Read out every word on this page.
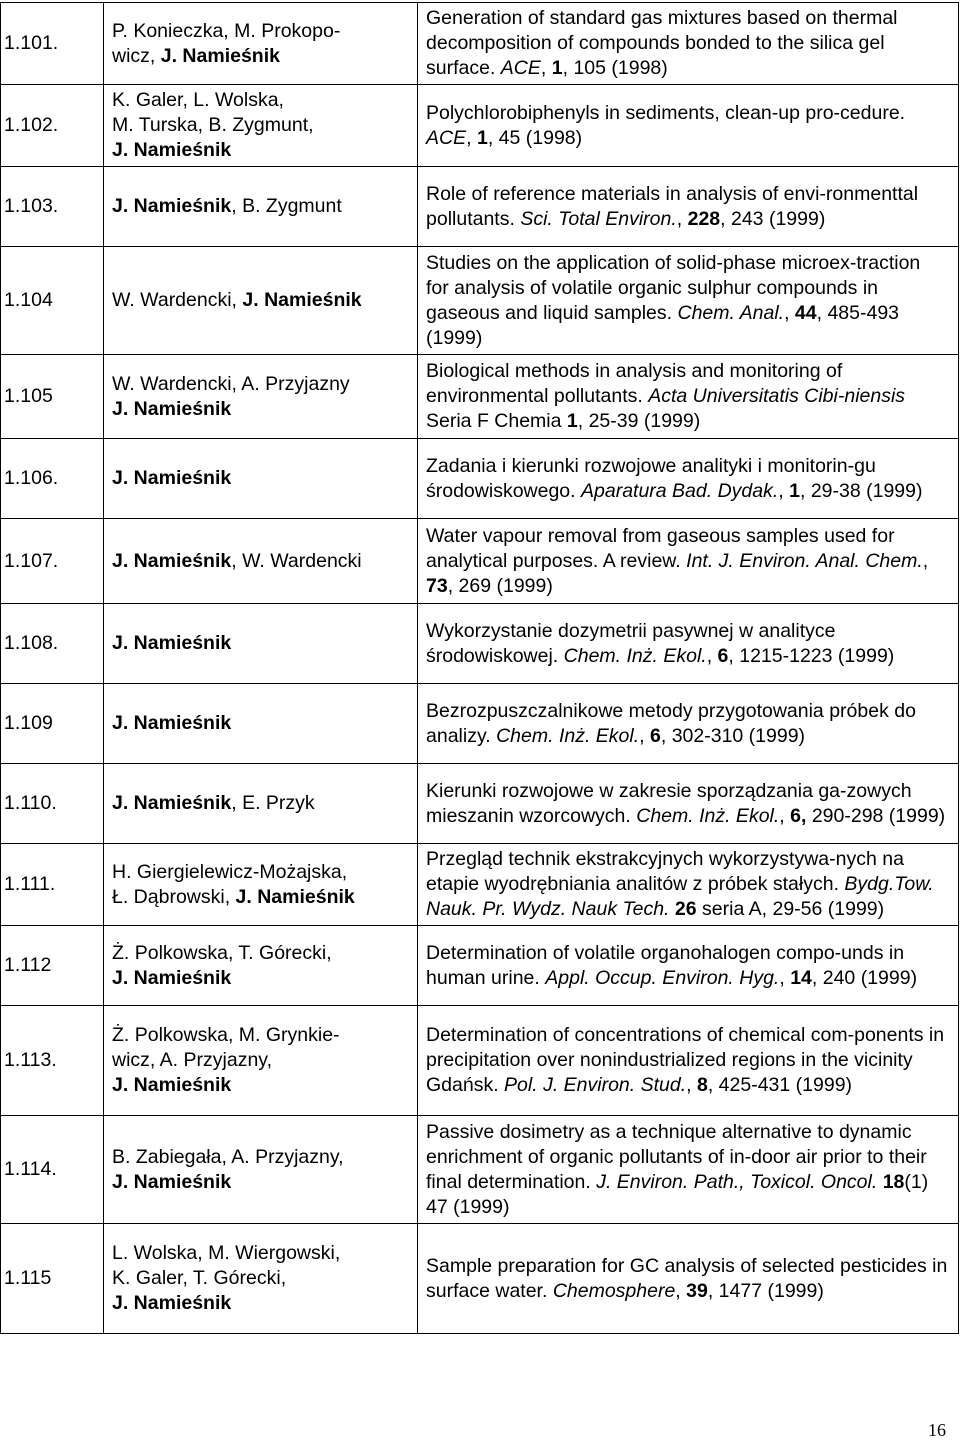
1.101.	P. Konieczka, M. Prokopo-
wicz, J. Namieśnik	Generation of standard gas mixtures based on thermal decomposition of compounds bonded to the silica gel surface. ACE, 1, 105 (1998)
1.102.	K. Galer, L. Wolska,
M. Turska, B. Zygmunt,
J. Namieśnik	Polychlorobiphenyls in sediments, clean-up pro-cedure. ACE, 1, 45 (1998)
1.103.	J. Namieśnik, B. Zygmunt	Role of reference materials in analysis of envi-ronmenttal pollutants. Sci. Total Environ., 228, 243 (1999)
1.104	W. Wardencki, J. Namieśnik	Studies on the application of solid-phase microex-traction for analysis of volatile organic sulphur compounds in gaseous and liquid samples. Chem. Anal., 44, 485-493 (1999)
1.105	W. Wardencki, A. Przyjazny
J. Namieśnik	Biological methods in analysis and monitoring of environmental pollutants. Acta Universitatis Cibi-niensis Seria F Chemia 1, 25-39 (1999)
1.106.	J. Namieśnik	Zadania i kierunki rozwojowe analityki i monitorin-gu środowiskowego. Aparatura Bad. Dydak., 1, 29-38 (1999)
1.107.	J. Namieśnik, W. Wardencki	Water vapour removal from gaseous samples used for analytical purposes. A review. Int. J. Environ. Anal. Chem., 73, 269 (1999)
1.108.	J. Namieśnik	Wykorzystanie dozymetrii pasywnej w analityce środowiskowej. Chem. Inż. Ekol., 6, 1215-1223 (1999)
1.109	J. Namieśnik	Bezrozpuszczalnikowe metody przygotowania próbek do analizy. Chem. Inż. Ekol., 6, 302-310 (1999)
1.110.	J. Namieśnik, E. Przyk	Kierunki rozwojowe w zakresie sporządzania ga-zowych mieszanin wzorcowych. Chem. Inż. Ekol., 6, 290-298 (1999)
1.111.	H. Giergielewicz-Możajska,
Ł. Dąbrowski, J. Namieśnik	Przegląd technik ekstrakcyjnych wykorzystywa-nych na etapie wyodrębniania analitów z próbek stałych. Bydg.Tow. Nauk. Pr. Wydz. Nauk Tech. 26 seria A, 29-56 (1999)
1.112	Ż. Polkowska, T. Górecki,
J. Namieśnik	Determination of volatile organohalogen compo-unds in human urine. Appl. Occup. Environ. Hyg., 14, 240 (1999)
1.113.	Ż. Polkowska, M. Grynkie-
wicz, A. Przyjazny,
J. Namieśnik	Determination of concentrations of chemical com-ponents in precipitation over nonindustrialized regions in the vicinity Gdańsk. Pol. J. Environ. Stud., 8, 425-431 (1999)
1.114.	B. Zabiegała, A. Przyjazny,
J. Namieśnik	Passive dosimetry as a technique alternative to dynamic enrichment of organic pollutants of in-door air prior to their final determination. J. Environ. Path., Toxicol. Oncol. 18(1) 47 (1999)
1.115	L. Wolska, M. Wiergowski,
K. Galer, T. Górecki,
J. Namieśnik	Sample preparation for GC analysis of selected pesticides in surface water. Chemosphere, 39, 1477 (1999)
16
